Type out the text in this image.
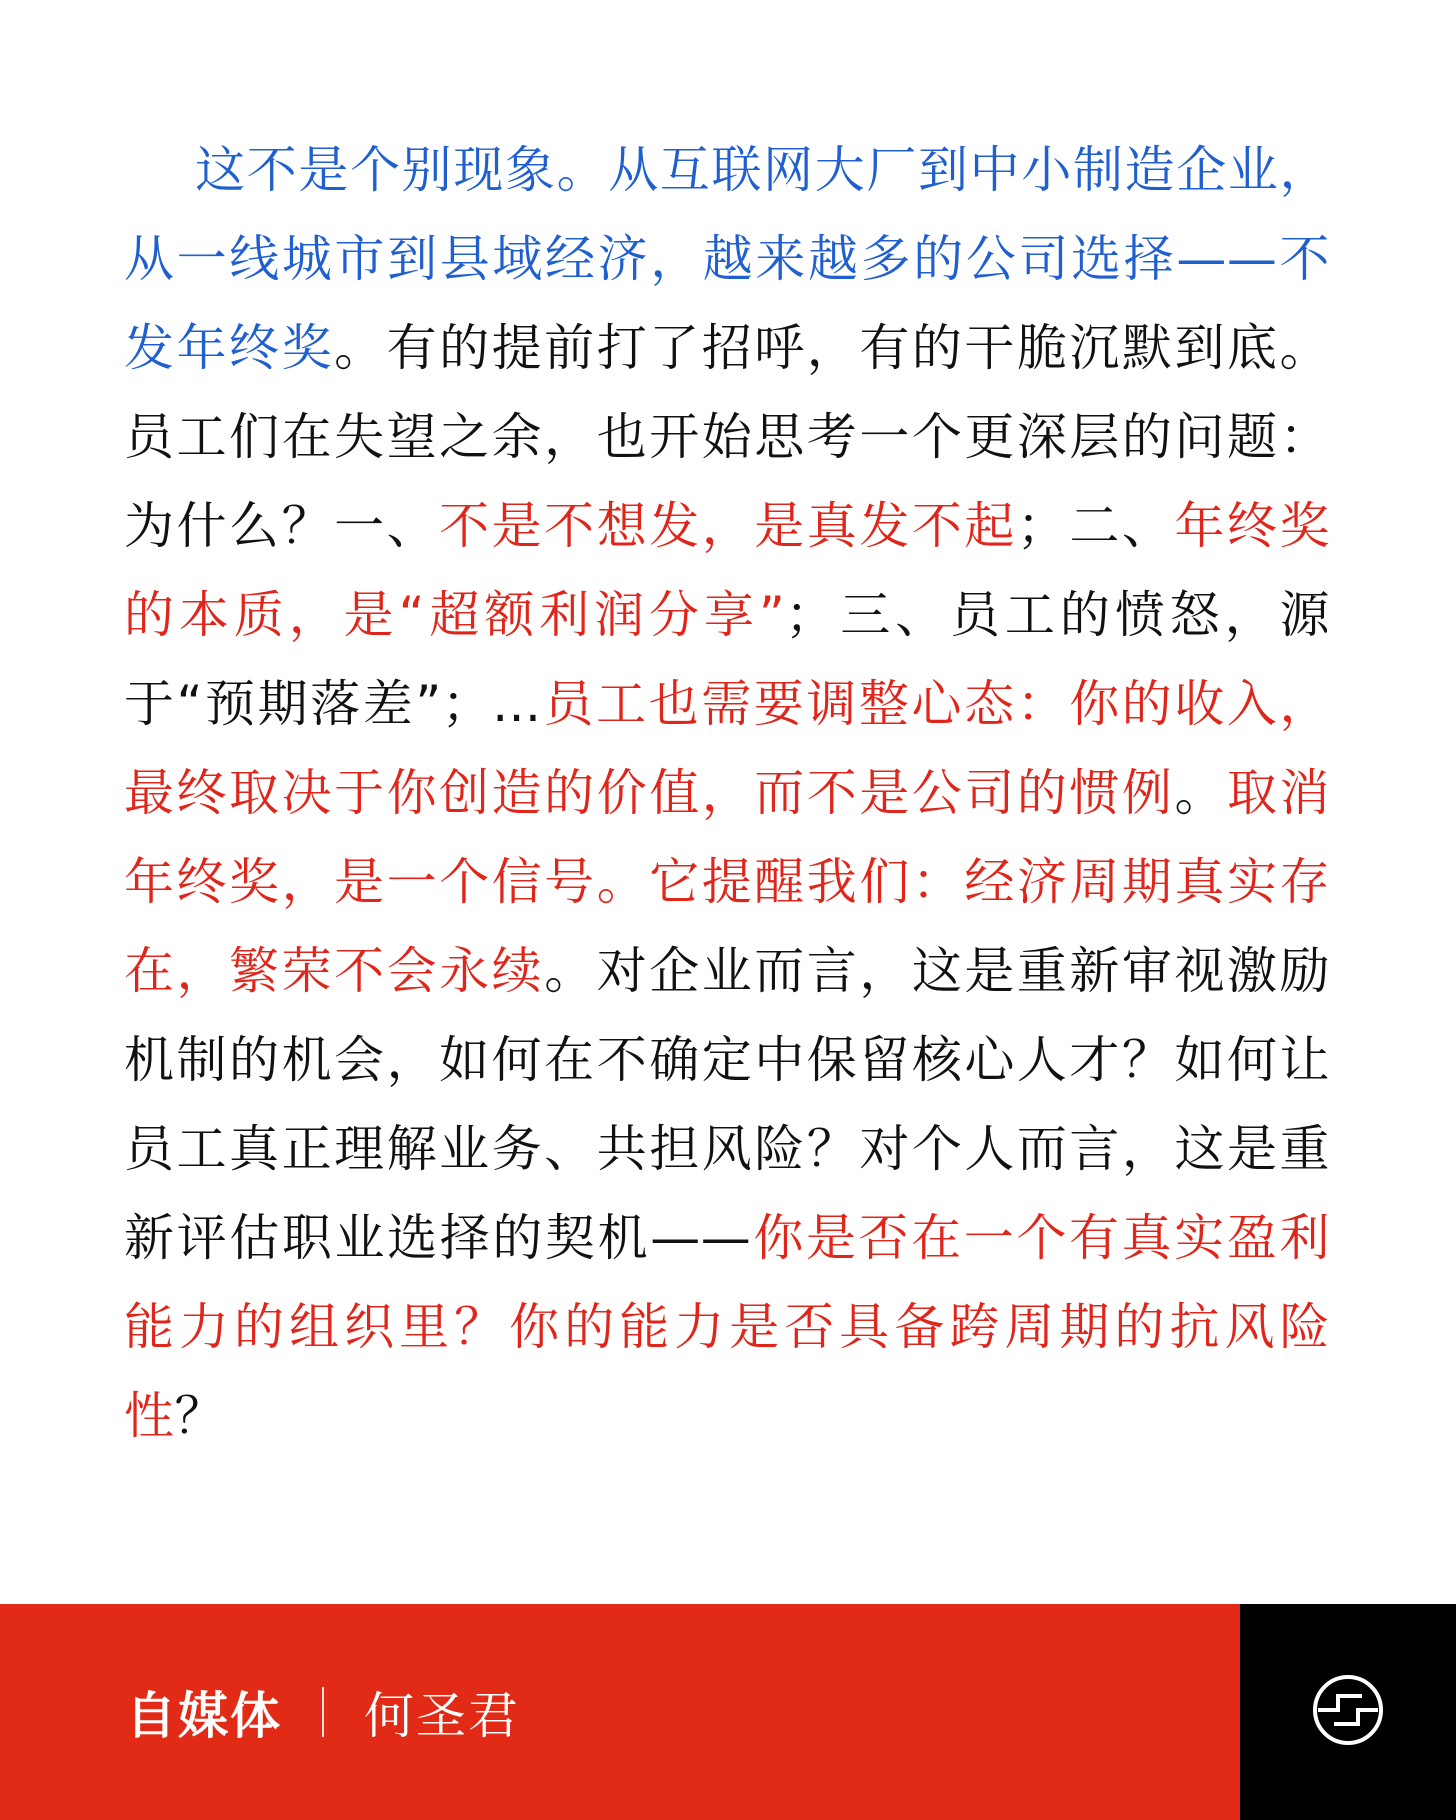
这不是个别现象。从互联网大厂到中小制造企业，从一线城市到县域经济，越来越多的公司选择——不发年终奖。有的提前打了招呼，有的干脆沉默到底。员工们在失望之余，也开始思考一个更深层的问题：为什么？一、不是不想发，是真发不起；二、年终奖的本质，是“超额利润分享”；三、员工的愤怒，源于“预期落差”；...员工也需要调整心态：你的收入，最终取决于你创造的价值，而不是公司的惯例。取消年终奖，是一个信号。它提醒我们：经济周期真实存在，繁荣不会永续。对企业而言，这是重新审视激励机制的机会，如何在不确定中保留核心人才？如何让员工真正理解业务、共担风险？对个人而言，这是重新评估职业选择的契机——你是否在一个有真实盈利能力的组织里？你的能力是否具备跨周期的抗风险性？
自媒体 何圣君
